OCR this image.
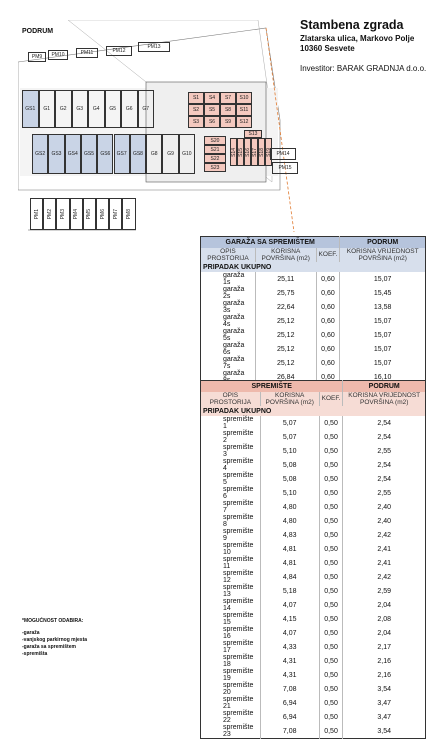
Stambena zgrada
Zlatarska ulica, Markovo Polje
10360 Sesvete
Investitor: BARAK GRADNJA d.o.o.
PODRUM
PM9 PM10	PM11	PM12
PM13
GS1 G1 G2 G3 G4 G5 G6 G7
GS2 GS3 GS4 GS5 GS6 GS7 GS8 G8 G9 G10
S1 S4 S7 S10
S2 S5 S8 S11
S3 S6 S9 S12
S20
S21
S22
S23
S13
S14 S15 S16 S17 S18 S19 PM14
PM15
PM1 PM2 PM3 PM4 PM5 PM6 PM7 PM8
GARAŽA SA SPREMIŠTEM			PODRUM
OPIS PROSTORIJA	KORISNA POVRŠINA (m2)	KOEF.	KORISNA VRIJEDNOST POVRŠINA (m2)
PRIPADAK UKUPNO			
garaža 1s	25,11	0,60	15,07
garaža 2s	25,75	0,60	15,45
garaža 3s	22,64	0,60	13,58
garaža 4s	25,12	0,60	15,07
garaža 5s	25,12	0,60	15,07
garaža 6s	25,12	0,60	15,07
garaža 7s	25,12	0,60	15,07
garaža	26,84	0,60	16,10
SPREMIŠTE			PODRUM
OPIS PROSTORIJA	KORISNA POVRŠINA (m2)	KOEF.	KORISNA VRIJEDNOST POVRŠINA (m2)
PRIPADAK UKUPNO			
spremište 1	5,07	0,50	2,54
spremište 2	5,07	0,50	2,54
spremište 3	5,10	0,50	2,55
spremište 4	5,08	0,50	2,54
spremište 5	5,08	0,50	2,54
spremište 6	5,10	0,50	2,55
spremište 7	4,80	0,50	2,40
spremište 8	4,80	0,50	2,40
spremište 9	4,83	0,50	2,42
spremište 10	4,81	0,50	2,41
spremište 11	4,81	0,50	2,41
spremište 12	4,84	0,50	2,42
spremište 13	5,18	0,50	2,59
spremište 14	4,07	0,50	2,04
spremište 15	4,15	0,50	2,08
spremište 16	4,07	0,50	2,04
spremište 17	4,33	0,50	2,17
spremište 18	4,31	0,50	2,16
spremište 19	4,31	0,50	2,16
spremište 20	7,08	0,50	3,54
spremište 21	6,94	0,50	3,47
spremište 22	6,94	0,50	3,47
spremište 23	7,08	0,50	3,54
*MOGUĆNOST ODABIRA:
-garaža
-vanjskog parkirnog mjesta
-garaža sa spremištem
-spremišta
